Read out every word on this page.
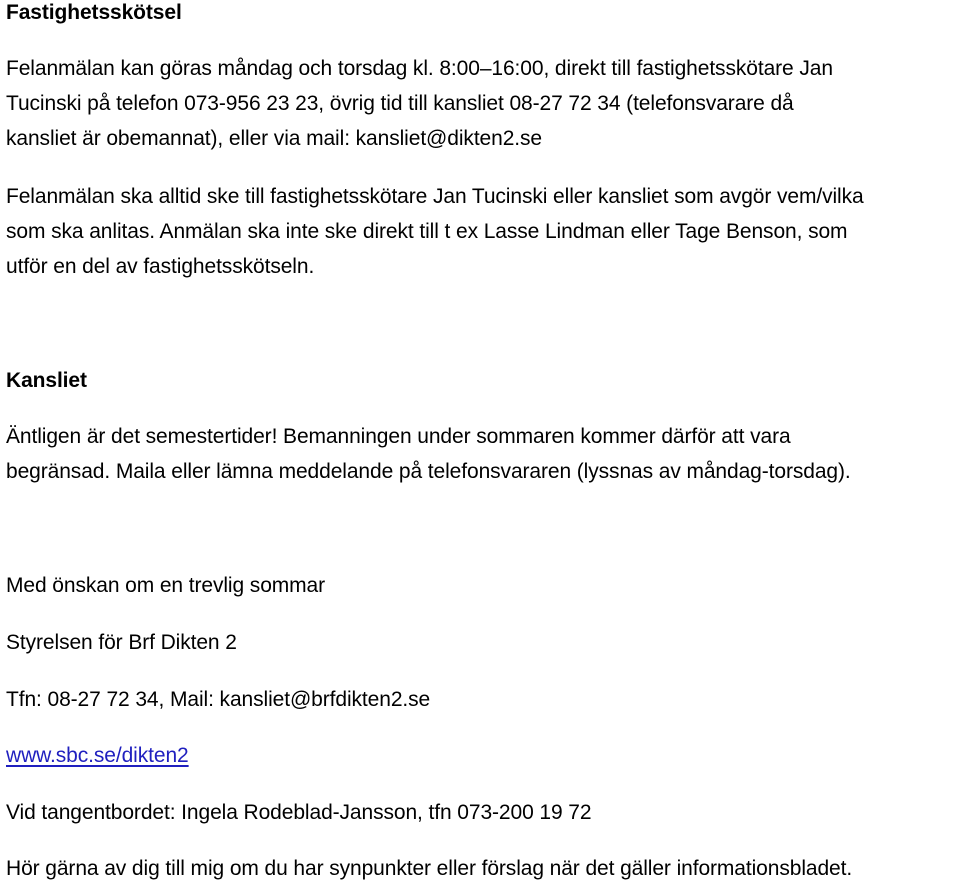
Fastighetsskötsel
Felanmälan kan göras måndag och torsdag kl. 8:00–16:00, direkt till fastighetsskötare Jan
Tucinski på telefon 073-956 23 23, övrig tid till kansliet 08-27 72 34 (telefonsvarare då
kansliet är obemannat), eller via mail: kansliet@dikten2.se
Felanmälan ska alltid ske till fastighetsskötare Jan Tucinski eller kansliet som avgör vem/vilka
som ska anlitas. Anmälan ska inte ske direkt till t ex Lasse Lindman eller Tage Benson, som
utför en del av fastighetsskötseln.
Kansliet
Äntligen är det semestertider! Bemanningen under sommaren kommer därför att vara
begränsad. Maila eller lämna meddelande på telefonsvararen (lyssnas av måndag-torsdag).
Med önskan om en trevlig sommar
Styrelsen för Brf Dikten 2
Tfn: 08-27 72 34, Mail: kansliet@brfdikten2.se
www.sbc.se/dikten2
Vid tangentbordet: Ingela Rodeblad-Jansson, tfn 073-200 19 72
Hör gärna av dig till mig om du har synpunkter eller förslag när det gäller informationsbladet.
